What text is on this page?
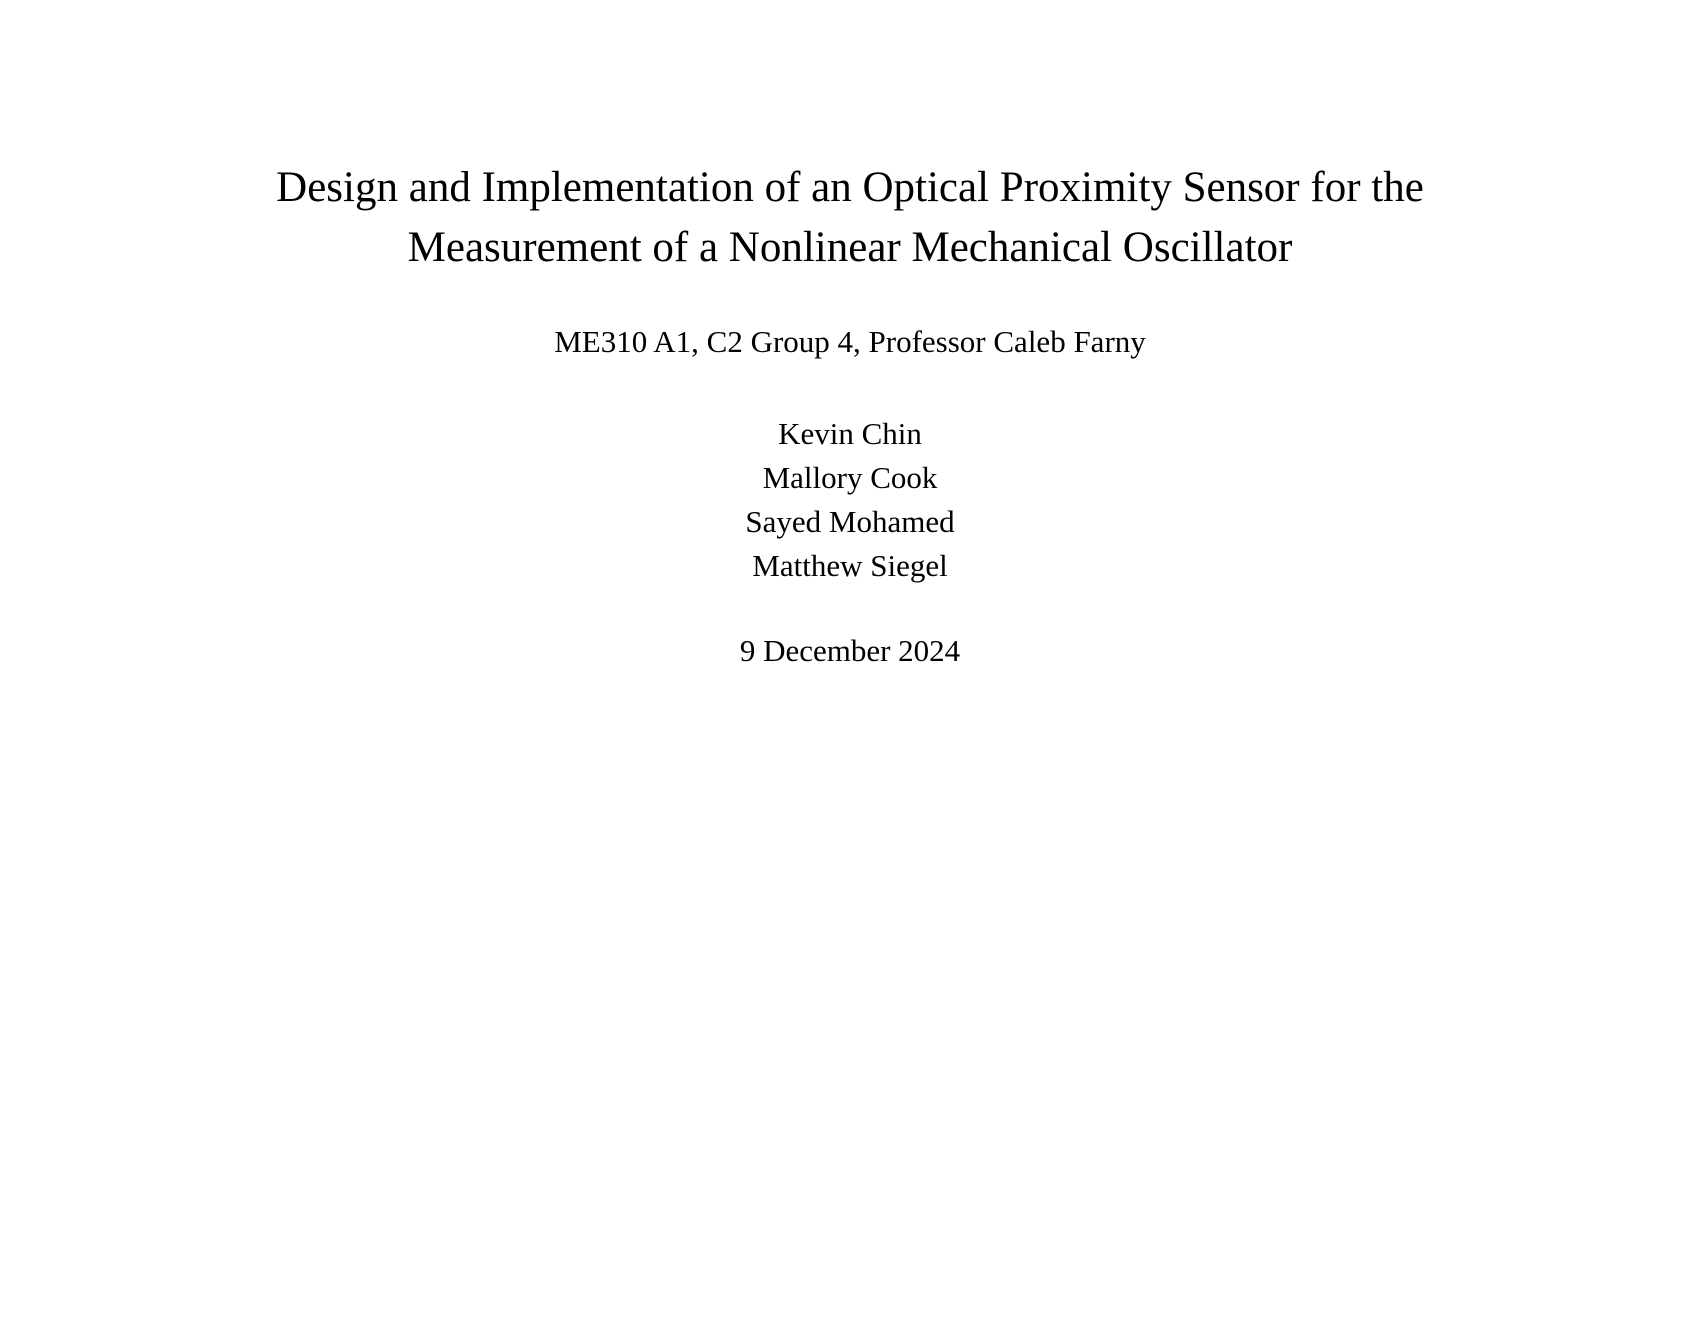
Design and Implementation of an Optical Proximity Sensor for the
Measurement of a Nonlinear Mechanical Oscillator

ME310 A1, C2 Group 4, Professor Caleb Farny

Kevin Chin
Mallory Cook
Sayed Mohamed
Matthew Siegel

9 December 2024
